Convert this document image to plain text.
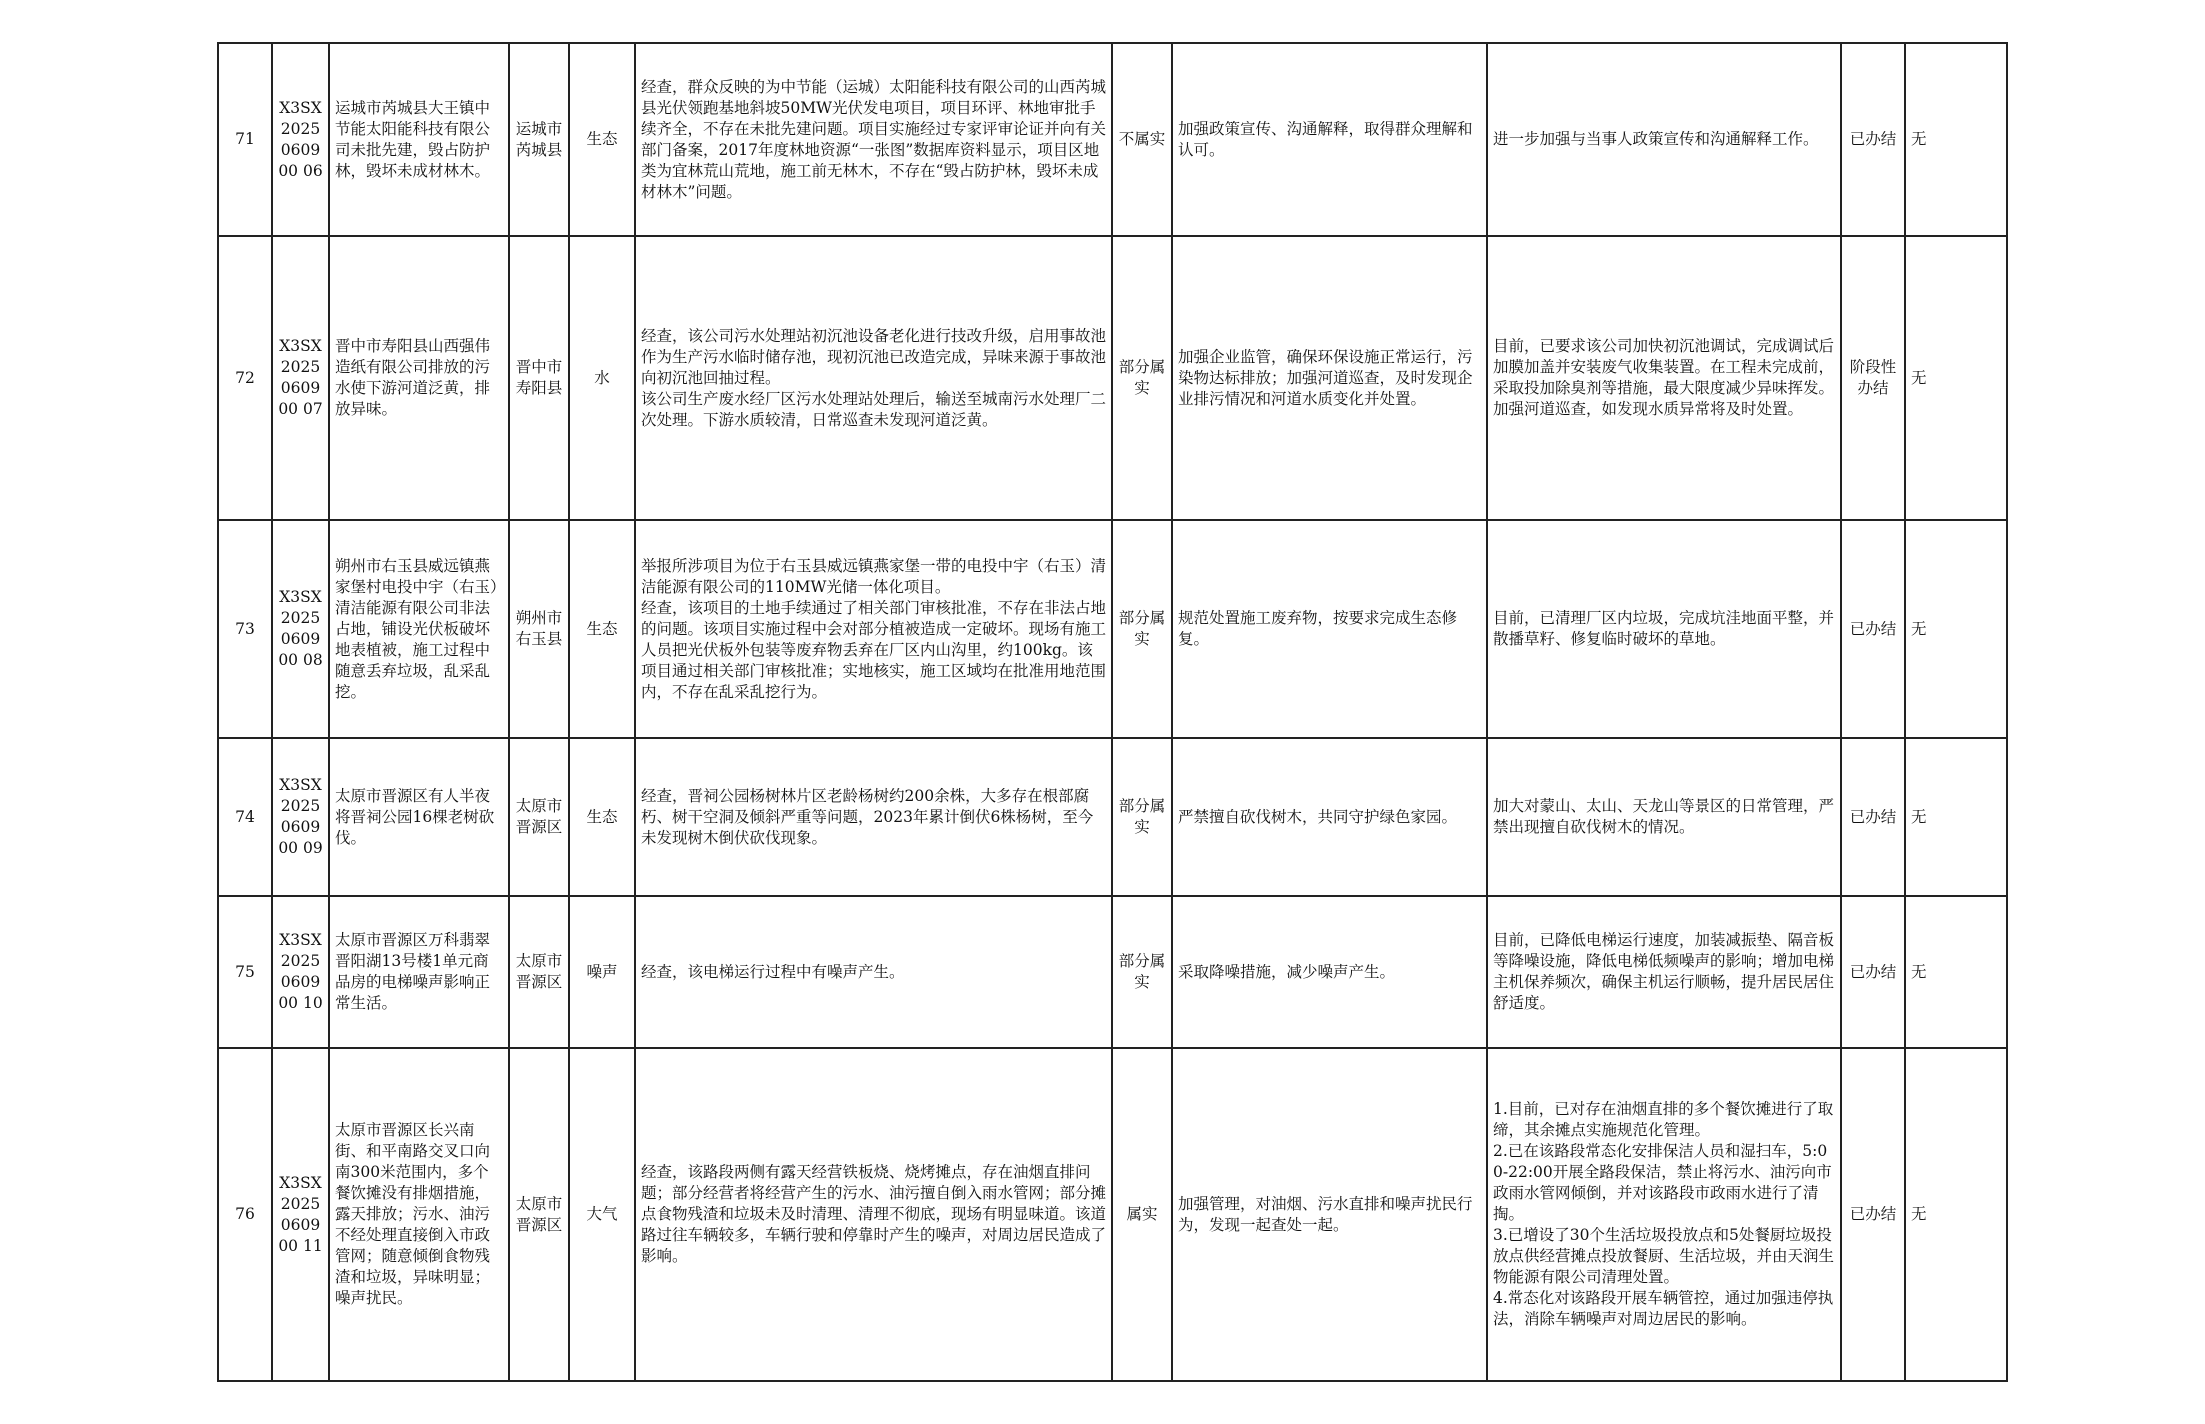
71	X3SX2025060900 06	运城市芮城县大王镇中节能太阳能科技有限公司未批先建，毁占防护林，毁坏未成材林木。	运城市芮城县	生态	经查，群众反映的为中节能（运城）太阳能科技有限公司的山西芮城县光伏领跑基地斜坡50MW光伏发电项目，项目环评、林地审批手续齐全，不存在未批先建问题。项目实施经过专家评审论证并向有关部门备案，2017年度林地资源“一张图”数据库资料显示，项目区地类为宜林荒山荒地，施工前无林木，不存在“毁占防护林，毁坏未成材林木”问题。	不属实	加强政策宣传、沟通解释，取得群众理解和认可。	进一步加强与当事人政策宣传和沟通解释工作。	已办结	无
72	X3SX2025060900 07	晋中市寿阳县山西强伟造纸有限公司排放的污水使下游河道泛黄，排放异味。	晋中市寿阳县	水	经查，该公司污水处理站初沉池设备老化进行技改升级，启用事故池作为生产污水临时储存池，现初沉池已改造完成，异味来源于事故池向初沉池回抽过程。
该公司生产废水经厂区污水处理站处理后，输送至城南污水处理厂二次处理。下游水质较清，日常巡查未发现河道泛黄。	部分属实	加强企业监管，确保环保设施正常运行，污染物达标排放；加强河道巡查，及时发现企业排污情况和河道水质变化并处置。	目前，已要求该公司加快初沉池调试，完成调试后加膜加盖并安装废气收集装置。在工程未完成前，采取投加除臭剂等措施，最大限度减少异味挥发。加强河道巡查，如发现水质异常将及时处置。	阶段性办结	无
73	X3SX2025060900 08	朔州市右玉县威远镇燕家堡村电投中宇（右玉）清洁能源有限公司非法占地，铺设光伏板破坏地表植被，施工过程中随意丢弃垃圾，乱采乱挖。	朔州市右玉县	生态	举报所涉项目为位于右玉县威远镇燕家堡一带的电投中宇（右玉）清洁能源有限公司的110MW光储一体化项目。
经查，该项目的土地手续通过了相关部门审核批准，不存在非法占地的问题。该项目实施过程中会对部分植被造成一定破坏。现场有施工人员把光伏板外包装等废弃物丢弃在厂区内山沟里，约100kg。该项目通过相关部门审核批准；实地核实，施工区域均在批准用地范围内，不存在乱采乱挖行为。	部分属实	规范处置施工废弃物，按要求完成生态修复。	目前，已清理厂区内垃圾，完成坑洼地面平整，并散播草籽、修复临时破坏的草地。	已办结	无
74	X3SX2025060900 09	太原市晋源区有人半夜将晋祠公园16棵老树砍伐。	太原市晋源区	生态	经查，晋祠公园杨树林片区老龄杨树约200余株，大多存在根部腐朽、树干空洞及倾斜严重等问题，2023年累计倒伏6株杨树，至今未发现树木倒伏砍伐现象。	部分属实	严禁擅自砍伐树木，共同守护绿色家园。	加大对蒙山、太山、天龙山等景区的日常管理，严禁出现擅自砍伐树木的情况。	已办结	无
75	X3SX2025060900 10	太原市晋源区万科翡翠晋阳湖13号楼1单元商品房的电梯噪声影响正常生活。	太原市晋源区	噪声	经查，该电梯运行过程中有噪声产生。	部分属实	采取降噪措施，减少噪声产生。	目前，已降低电梯运行速度，加装减振垫、隔音板等降噪设施，降低电梯低频噪声的影响；增加电梯主机保养频次，确保主机运行顺畅，提升居民居住舒适度。	已办结	无
76	X3SX2025060900 11	太原市晋源区长兴南街、和平南路交叉口向南300米范围内，多个餐饮摊没有排烟措施，露天排放；污水、油污不经处理直接倒入市政管网；随意倾倒食物残渣和垃圾，异味明显；噪声扰民。	太原市晋源区	大气	经查，该路段两侧有露天经营铁板烧、烧烤摊点，存在油烟直排问题；部分经营者将经营产生的污水、油污擅自倒入雨水管网；部分摊点食物残渣和垃圾未及时清理、清理不彻底，现场有明显味道。该道路过往车辆较多，车辆行驶和停靠时产生的噪声，对周边居民造成了影响。	属实	加强管理，对油烟、污水直排和噪声扰民行为，发现一起查处一起。	1.目前，已对存在油烟直排的多个餐饮摊进行了取缔，其余摊点实施规范化管理。
2.已在该路段常态化安排保洁人员和湿扫车，5:00-22:00开展全路段保洁，禁止将污水、油污向市政雨水管网倾倒，并对该路段市政雨水进行了清掏。
3.已增设了30个生活垃圾投放点和5处餐厨垃圾投放点供经营摊点投放餐厨、生活垃圾，并由天润生物能源有限公司清理处置。
4.常态化对该路段开展车辆管控，通过加强违停执法，消除车辆噪声对周边居民的影响。	已办结	无
